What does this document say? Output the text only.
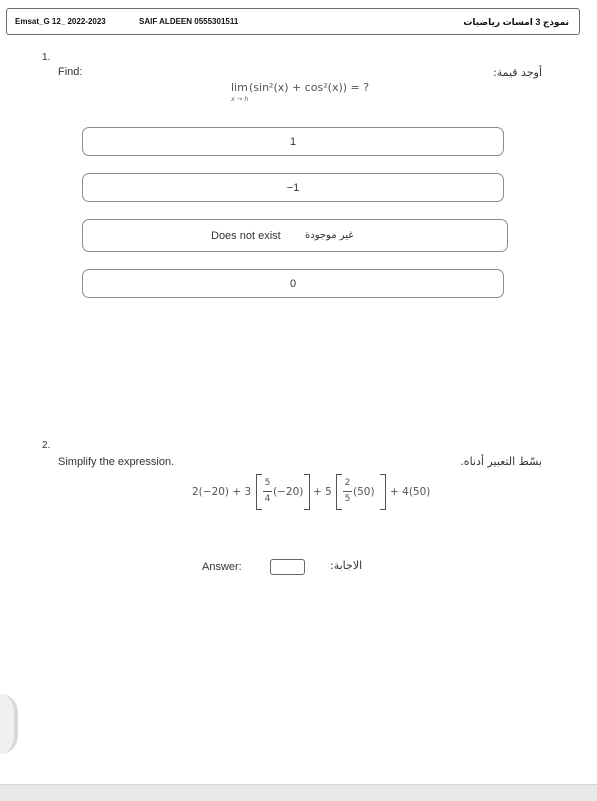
Emsat_G 12_ 2022-2023	SAIF ALDEEN 0555301511	نموذج 3 امسات رياضيات
1.
Find:	أوجد قيمة:
lim
x → h
(sin²(x) + cos²(x)) = ?
1
−1
Does not exist غير موجودة
0
2.
Simplify the expression.	بسّط التعبير أدناه.
2(−20) + 3
5
4
(−20) + 5
2
5
(50) + 4(50)
Answer:	الاجابة:
